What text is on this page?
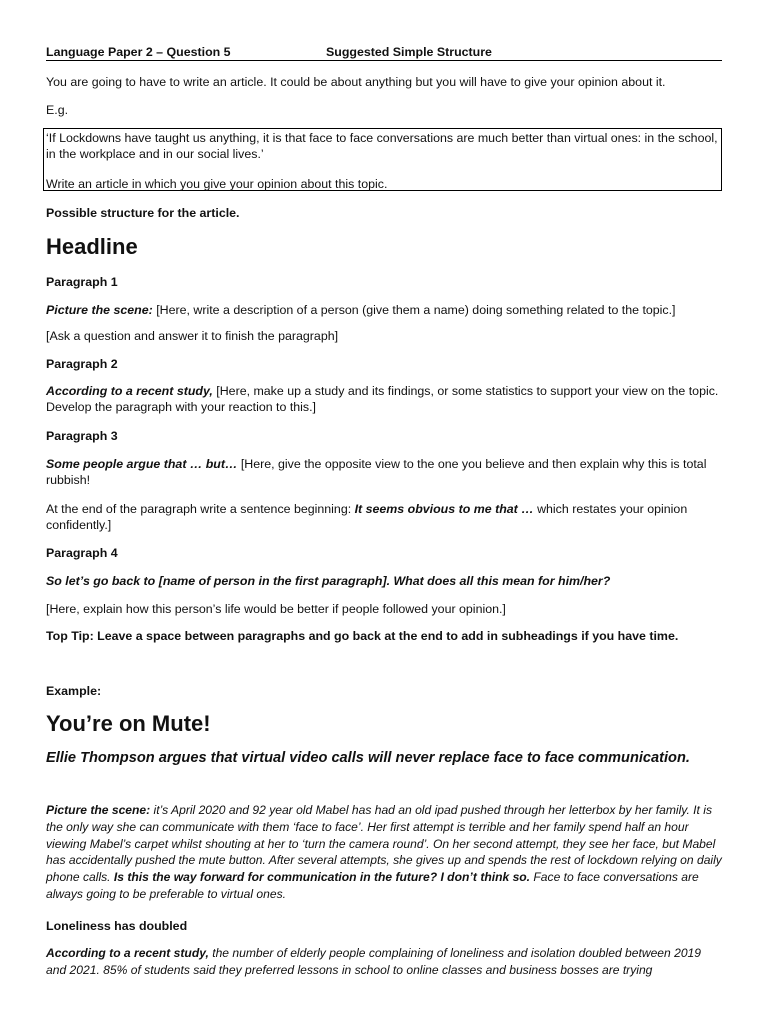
Language Paper 2 – Question 5	Suggested Simple Structure

You are going to have to write an article. It could be about anything but you will have to give your opinion about it.

E.g.

‘If Lockdowns have taught us anything, it is that face to face conversations are much better than virtual ones: in the school, in the workplace and in our social lives.’

Write an article in which you give your opinion about this topic.

Possible structure for the article.

Headline

Paragraph 1

Picture the scene: [Here, write a description of a person (give them a name) doing something related to the topic.]

[Ask a question and answer it to finish the paragraph]

Paragraph 2

According to a recent study, [Here, make up a study and its findings, or some statistics to support your view on the topic. Develop the paragraph with your reaction to this.]

Paragraph 3

Some people argue that … but… [Here, give the opposite view to the one you believe and then explain why this is total rubbish!

At the end of the paragraph write a sentence beginning: It seems obvious to me that … which restates your opinion confidently.]

Paragraph 4

So let’s go back to [name of person in the first paragraph]. What does all this mean for him/her?

[Here, explain how this person’s life would be better if people followed your opinion.]

Top Tip: Leave a space between paragraphs and go back at the end to add in subheadings if you have time.

Example:

You’re on Mute!

Ellie Thompson argues that virtual video calls will never replace face to face communication.

Picture the scene: it’s April 2020 and 92 year old Mabel has had an old ipad pushed through her letterbox by her family. It is the only way she can communicate with them ‘face to face’. Her first attempt is terrible and her family spend half an hour viewing Mabel’s carpet whilst shouting at her to ‘turn the camera round’. On her second attempt, they see her face, but Mabel has accidentally pushed the mute button. After several attempts, she gives up and spends the rest of lockdown relying on daily phone calls. Is this the way forward for communication in the future? I don’t think so. Face to face conversations are always going to be preferable to virtual ones.

Loneliness has doubled

According to a recent study, the number of elderly people complaining of loneliness and isolation doubled between 2019 and 2021. 85% of students said they preferred lessons in school to online classes and business bosses are trying
